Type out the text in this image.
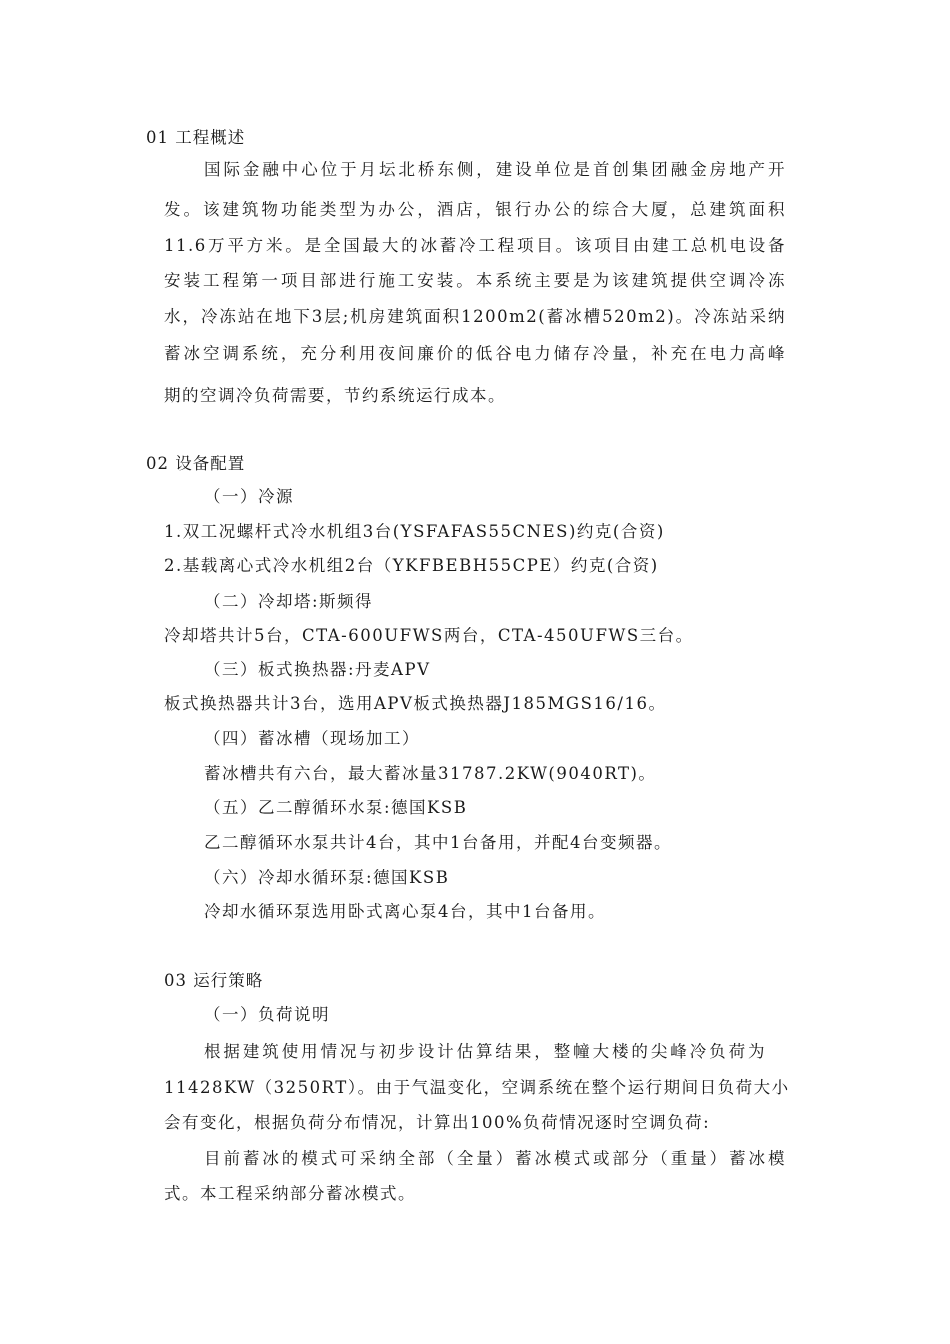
01 工程概述
国际金融中心位于月坛北桥东侧，建设单位是首创集团融金房地产开
发。该建筑物功能类型为办公，酒店，银行办公的综合大厦，总建筑面积
11.6万平方米。是全国最大的冰蓄冷工程项目。该项目由建工总机电设备
安装工程第一项目部进行施工安装。本系统主要是为该建筑提供空调冷冻
水，冷冻站在地下3层;机房建筑面积1200m2(蓄冰槽520m2)。冷冻站采纳
蓄冰空调系统，充分利用夜间廉价的低谷电力储存冷量，补充在电力高峰
期的空调冷负荷需要，节约系统运行成本。
02 设备配置
（一）冷源
1.双工况螺杆式冷水机组3台(YSFAFAS55CNES)约克(合资)
2.基载离心式冷水机组2台（YKFBEBH55CPE）约克(合资)
（二）冷却塔:斯频得
冷却塔共计5台，CTA-600UFWS两台，CTA-450UFWS三台。
（三）板式换热器:丹麦APV
板式换热器共计3台，选用APV板式换热器J185MGS16/16。
（四）蓄冰槽（现场加工）
蓄冰槽共有六台，最大蓄冰量31787.2KW(9040RT)。
（五）乙二醇循环水泵:德国KSB
乙二醇循环水泵共计4台，其中1台备用，并配4台变频器。
（六）冷却水循环泵:德国KSB
冷却水循环泵选用卧式离心泵4台，其中1台备用。
03 运行策略
（一）负荷说明
根据建筑使用情况与初步设计估算结果，整幢大楼的尖峰冷负荷为
11428KW（3250RT）。由于气温变化，空调系统在整个运行期间日负荷大小
会有变化，根据负荷分布情况，计算出100%负荷情况逐时空调负荷:
目前蓄冰的模式可采纳全部（全量）蓄冰模式或部分（重量）蓄冰模
式。本工程采纳部分蓄冰模式。
